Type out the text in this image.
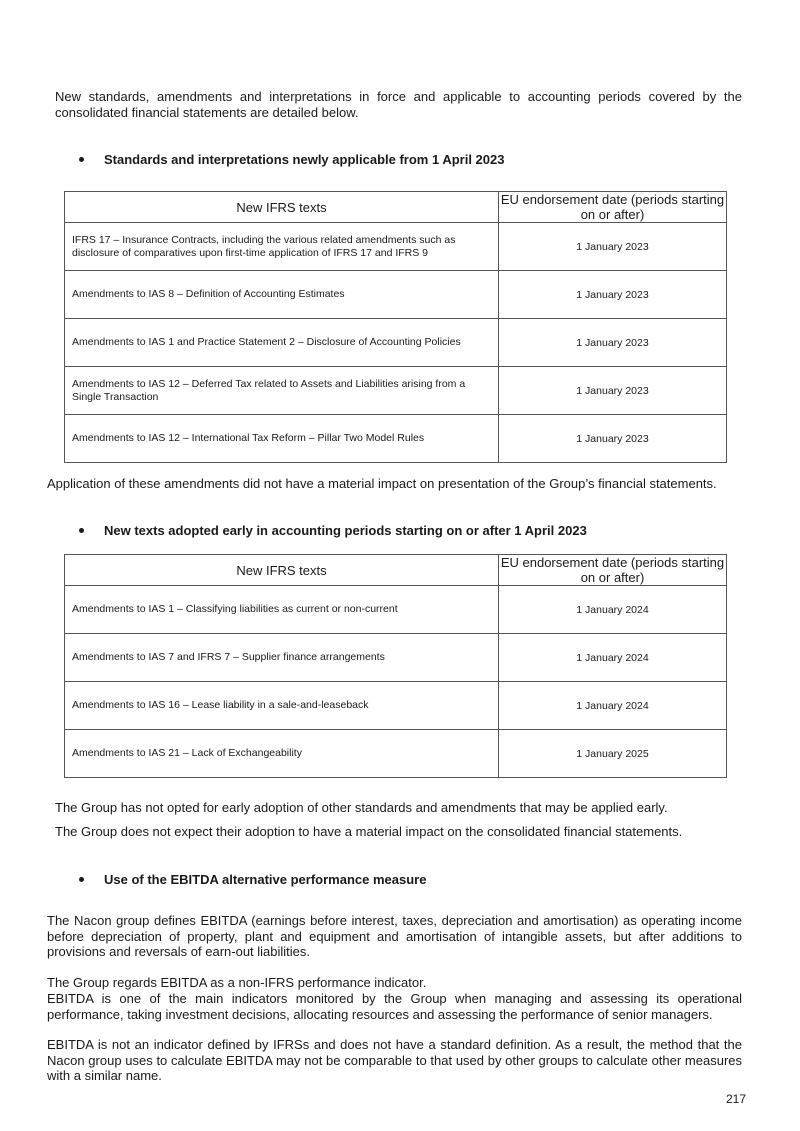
New standards, amendments and interpretations in force and applicable to accounting periods covered by the consolidated financial statements are detailed below.

Standards and interpretations newly applicable from 1 April 2023
New IFRS texts	EU endorsement date (periods starting on or after)
IFRS 17 – Insurance Contracts, including the various related amendments such as disclosure of comparatives upon first-time application of IFRS 17 and IFRS 9	1 January 2023
Amendments to IAS 8 – Definition of Accounting Estimates	1 January 2023
Amendments to IAS 1 and Practice Statement 2 – Disclosure of Accounting Policies	1 January 2023
Amendments to IAS 12 – Deferred Tax related to Assets and Liabilities arising from a Single Transaction	1 January 2023
Amendments to IAS 12 – International Tax Reform – Pillar Two Model Rules	1 January 2023

Application of these amendments did not have a material impact on presentation of the Group’s financial statements.

New texts adopted early in accounting periods starting on or after 1 April 2023
New IFRS texts	EU endorsement date (periods starting on or after)
Amendments to IAS 1 – Classifying liabilities as current or non-current	1 January 2024
Amendments to IAS 7 and IFRS 7 – Supplier finance arrangements	1 January 2024
Amendments to IAS 16 – Lease liability in a sale-and-leaseback	1 January 2024
Amendments to IAS 21 – Lack of Exchangeability	1 January 2025

The Group has not opted for early adoption of other standards and amendments that may be applied early.

The Group does not expect their adoption to have a material impact on the consolidated financial statements.

Use of the EBITDA alternative performance measure

The Nacon group defines EBITDA (earnings before interest, taxes, depreciation and amortisation) as operating income before depreciation of property, plant and equipment and amortisation of intangible assets, but after additions to provisions and reversals of earn-out liabilities.

The Group regards EBITDA as a non-IFRS performance indicator.

EBITDA is one of the main indicators monitored by the Group when managing and assessing its operational performance, taking investment decisions, allocating resources and assessing the performance of senior managers.

EBITDA is not an indicator defined by IFRSs and does not have a standard definition. As a result, the method that the Nacon group uses to calculate EBITDA may not be comparable to that used by other groups to calculate other measures with a similar name.

217
